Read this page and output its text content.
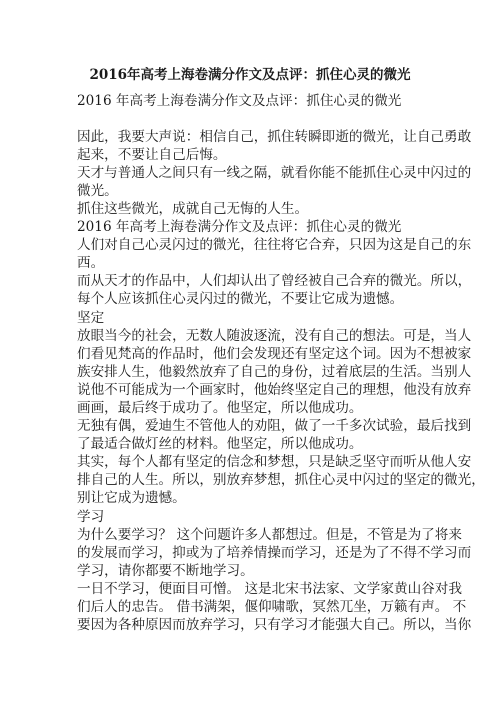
2016年高考上海卷满分作文及点评：抓住心灵的微光
2016 年高考上海卷满分作文及点评：抓住心灵的微光
因此，我要大声说：相信自己，抓住转瞬即逝的微光，让自己勇敢
起来，不要让自己后悔。
天才与普通人之间只有一线之隔，就看你能不能抓住心灵中闪过的
微光。
抓住这些微光，成就自己无悔的人生。
2016 年高考上海卷满分作文及点评：抓住心灵的微光
人们对自己心灵闪过的微光，往往将它合弃，只因为这是自己的东
西。
而从天才的作品中，人们却认出了曾经被自己合弃的微光。所以，
每个人应该抓住心灵闪过的微光，不要让它成为遗憾。
坚定
放眼当今的社会，无数人随波逐流，没有自己的想法。可是，当人
们看见梵高的作品时，他们会发现还有坚定这个词。因为不想被家
族安排人生，他毅然放弃了自己的身份，过着底层的生活。当别人
说他不可能成为一个画家时，他始终坚定自己的理想，他没有放弃
画画，最后终于成功了。他坚定，所以他成功。
无独有偶，爱迪生不管他人的劝阻，做了一千多次试验，最后找到
了最适合做灯丝的材料。他坚定，所以他成功。
其实，每个人都有坚定的信念和梦想，只是缺乏坚守而听从他人安
排自己的人生。所以，别放弃梦想，抓住心灵中闪过的坚定的微光，
别让它成为遗憾。
学习
为什么要学习？ 这个问题许多人都想过。但是，不管是为了将来
的发展而学习，抑或为了培养情操而学习，还是为了不得不学习而
学习，请你都要不断地学习。
一日不学习，便面目可憎。 这是北宋书法家、文学家黄山谷对我
们后人的忠告。 借书满架，偃仰啸歌，冥然兀坐，万籁有声。 不
要因为各种原因而放弃学习，只有学习才能强大自己。所以，当你
